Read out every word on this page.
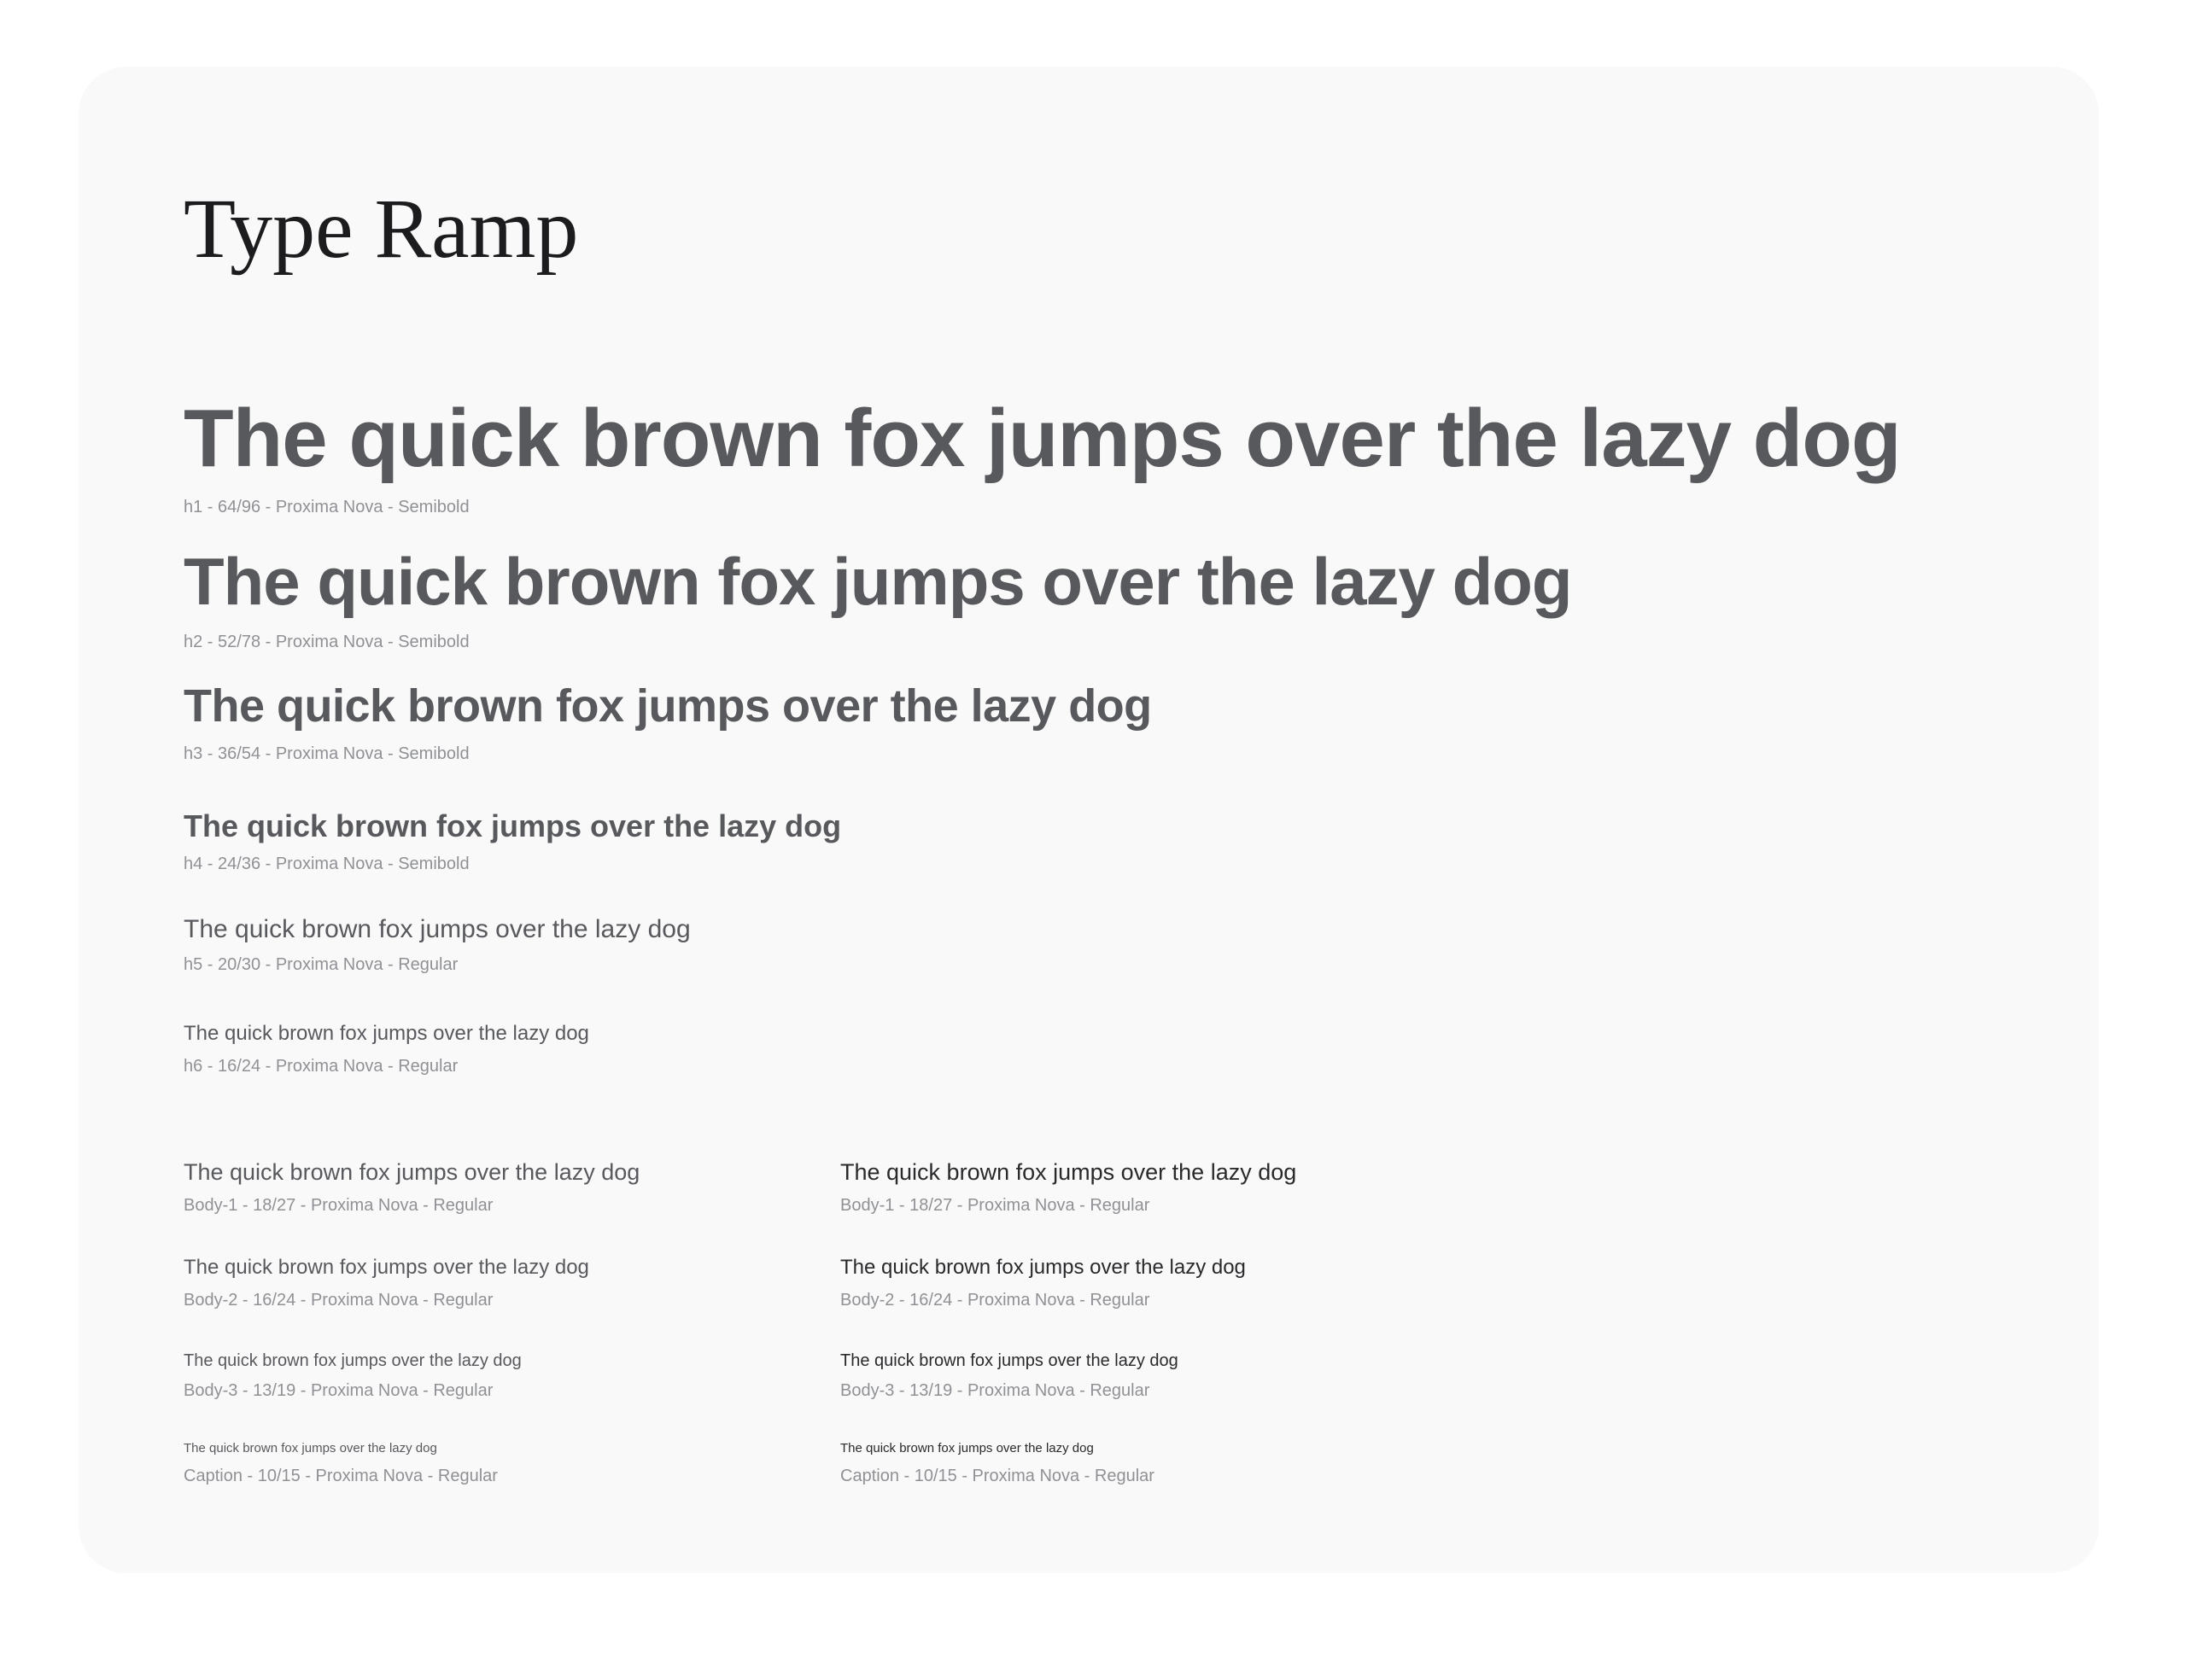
Type Ramp
The quick brown fox jumps over the lazy dog
h1 - 64/96 - Proxima Nova - Semibold
The quick brown fox jumps over the lazy dog
h2 - 52/78 - Proxima Nova - Semibold
The quick brown fox jumps over the lazy dog
h3 - 36/54 - Proxima Nova - Semibold
The quick brown fox jumps over the lazy dog
h4 - 24/36 - Proxima Nova - Semibold
The quick brown fox jumps over the lazy dog
h5 - 20/30 - Proxima Nova - Regular
The quick brown fox jumps over the lazy dog
h6 - 16/24 - Proxima Nova - Regular
The quick brown fox jumps over the lazy dog
Body-1 - 18/27 - Proxima Nova - Regular
The quick brown fox jumps over the lazy dog
Body-2 - 16/24 - Proxima Nova - Regular
The quick brown fox jumps over the lazy dog
Body-3 - 13/19 - Proxima Nova - Regular
The quick brown fox jumps over the lazy dog
Caption - 10/15 - Proxima Nova - Regular
The quick brown fox jumps over the lazy dog
Body-1 - 18/27 - Proxima Nova - Regular
The quick brown fox jumps over the lazy dog
Body-2 - 16/24 - Proxima Nova - Regular
The quick brown fox jumps over the lazy dog
Body-3 - 13/19 - Proxima Nova - Regular
The quick brown fox jumps over the lazy dog
Caption - 10/15 - Proxima Nova - Regular
